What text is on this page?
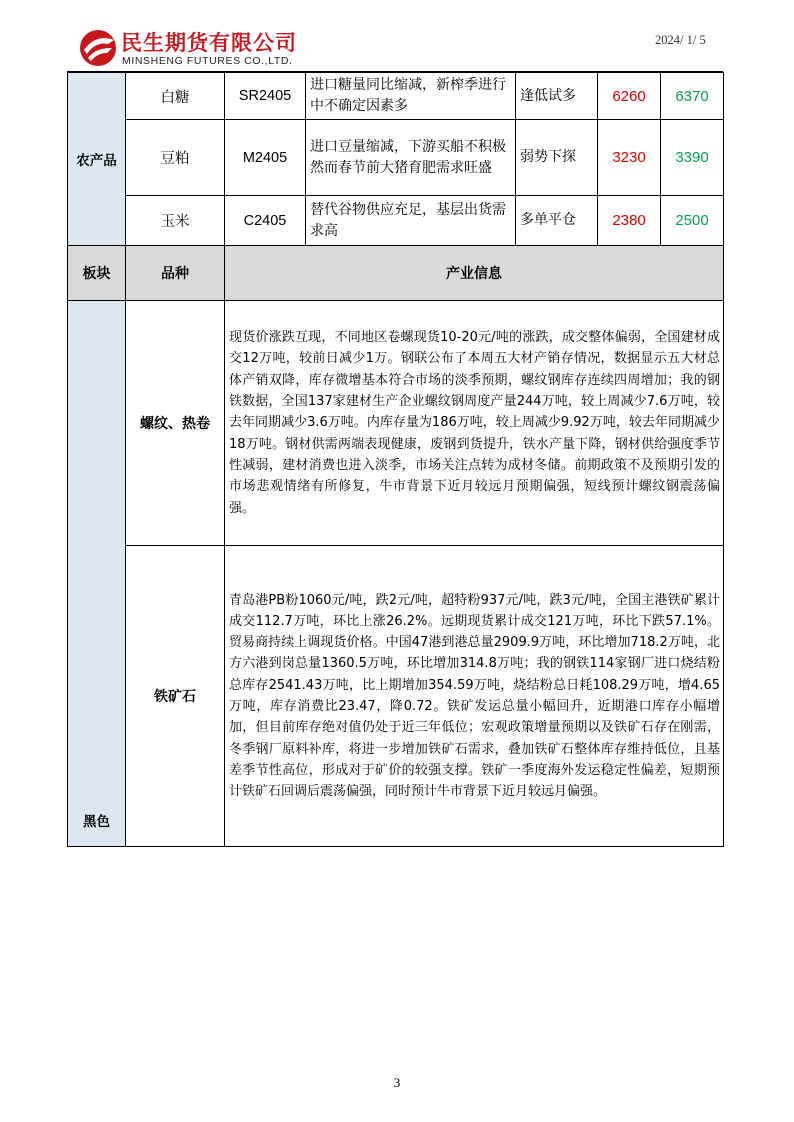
民生期货有限公司
MINSHENG FUTURES CO.,LTD.
2024/ 1/ 5
农产品	白糖	SR2405	进口糖量同比缩减，新榨季进行中不确定因素多	逢低试多	6260	6370
	豆粕	M2405	进口豆量缩减，下游买船不积极然而春节前大猪育肥需求旺盛	弱势下探	3230	3390
	玉米	C2405	替代谷物供应充足，基层出货需求高	多单平仓	2380	2500
板块	品种	产业信息				
黑色	螺纹、热卷	现货价涨跌互现，不同地区卷螺现货10-20元/吨的涨跌，成交整体偏弱，全国建材成交12万吨，较前日减少1万。钢联公布了本周五大材产销存情况，数据显示五大材总体产销双降，库存微增基本符合市场的淡季预期，螺纹钢库存连续四周增加；我的钢铁数据，全国137家建材生产企业螺纹钢周度产量244万吨，较上周减少7.6万吨，较去年同期减少3.6万吨。内库存量为186万吨，较上周减少9.92万吨，较去年同期减少18万吨。钢材供需两端表现健康，废钢到货提升，铁水产量下降，钢材供给强度季节性减弱，建材消费也进入淡季，市场关注点转为成材冬储。前期政策不及预期引发的市场悲观情绪有所修复，牛市背景下近月较远月预期偏强，短线预计螺纹钢震荡偏强。				
	铁矿石	青岛港PB粉1060元/吨，跌2元/吨，超特粉937元/吨，跌3元/吨，全国主港铁矿累计成交112.7万吨，环比上涨26.2%。远期现货累计成交121万吨，环比下跌57.1%。贸易商持续上调现货价格。中国47港到港总量2909.9万吨，环比增加718.2万吨，北方六港到岗总量1360.5万吨，环比增加314.8万吨；我的钢铁114家钢厂进口烧结粉总库存2541.43万吨，比上期增加354.59万吨，烧结粉总日耗108.29万吨，增4.65万吨，库存消费比23.47，降0.72。铁矿发运总量小幅回升，近期港口库存小幅增加，但目前库存绝对值仍处于近三年低位；宏观政策增量预期以及铁矿石存在刚需，冬季钢厂原料补库，将进一步增加铁矿石需求，叠加铁矿石整体库存维持低位，且基差季节性高位，形成对于矿价的较强支撑。铁矿一季度海外发运稳定性偏差，短期预计铁矿石回调后震荡偏强，同时预计牛市背景下近月较远月偏强。				
3
